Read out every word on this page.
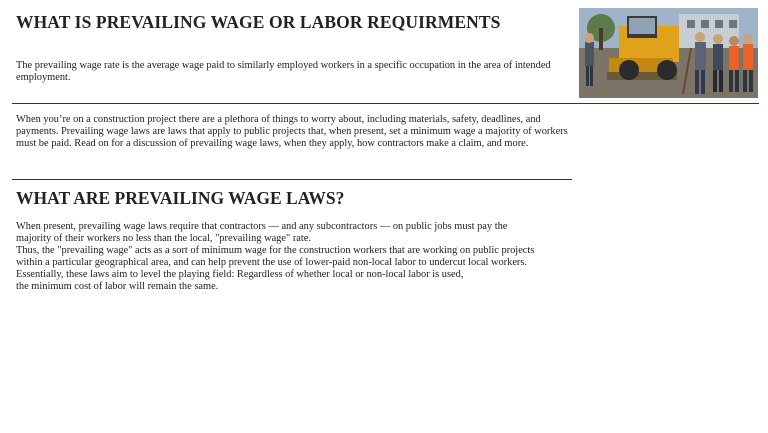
WHAT IS PREVAILING WAGE OR LABOR REQUIRMENTS

The prevailing wage rate is the average wage paid to similarly employed workers in a specific occupation in the area of intended employment.

When you’re on a construction project there are a plethora of things to worry about, including materials, safety, deadlines, and payments. Prevailing wage laws are laws that apply to public projects that, when present, set a minimum wage a majority of workers must be paid. Read on for a discussion of prevailing wage laws, when they apply, how contractors make a claim, and more.

WHAT ARE PREVAILING WAGE LAWS?

When present, prevailing wage laws require that contractors — and any subcontractors — on public jobs must pay the
majority of their workers no less than the local, "prevailing wage" rate.
Thus, the "prevailing wage" acts as a sort of minimum wage for the construction workers that are working on public projects
within a particular geographical area, and can help prevent the use of lower-paid non-local labor to undercut local workers.
Essentially, these laws aim to level the playing field: Regardless of whether local or non-local labor is used,
the minimum cost of labor will remain the same.
